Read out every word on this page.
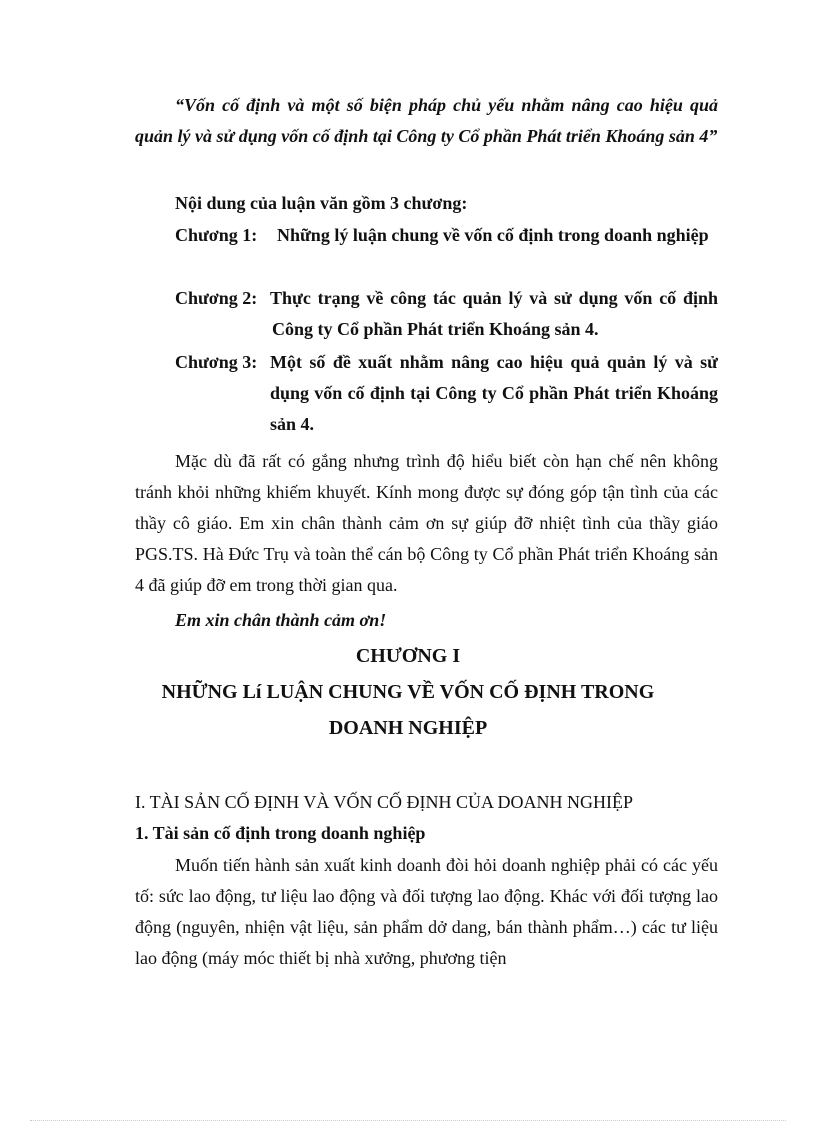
“Vốn cố định và một số biện pháp chủ yếu nhằm nâng cao hiệu quả quản lý và sử dụng vốn cố định tại Công ty Cổ phần Phát triển Khoáng sản 4”

Nội dung của luận văn gồm 3 chương:

Chương 1:	Những lý luận chung về vốn cố định trong doanh nghiệp

Chương 2: Thực trạng về công tác quản lý và sử dụng vốn cố định Công ty Cổ phần Phát triển Khoáng sản 4.

Chương 3: Một số đề xuất nhằm nâng cao hiệu quả quản lý và sử dụng vốn cố định tại Công ty Cổ phần Phát triển Khoáng sản 4.

Mặc dù đã rất có gắng nhưng trình độ hiểu biết còn hạn chế nên không tránh khỏi những khiếm khuyết. Kính mong được sự đóng góp tận tình của các thầy cô giáo. Em xin chân thành cảm ơn sự giúp đỡ nhiệt tình của thầy giáo PGS.TS. Hà Đức Trụ và toàn thể cán bộ Công ty Cổ phần Phát triển Khoáng sản 4 đã giúp đỡ em trong thời gian qua.

Em xin chân thành cảm ơn!

CHƯƠNG I

NHỮNG Lí LUẬN CHUNG VỀ VỐN CỐ ĐỊNH TRONG

DOANH NGHIỆP

I. TÀI SẢN CỐ ĐỊNH VÀ VỐN CỐ ĐỊNH CỦA DOANH NGHIỆP

1. Tài sản cố định trong doanh nghiệp

Muốn tiến hành sản xuất kinh doanh đòi hỏi doanh nghiệp phải có các yếu tố: sức lao động, tư liệu lao động và đối tượng lao động. Khác với đối tượng lao động (nguyên, nhiện vật liệu, sản phẩm dở dang, bán thành phẩm…) các tư liệu lao động (máy móc thiết bị nhà xưởng, phương tiện
